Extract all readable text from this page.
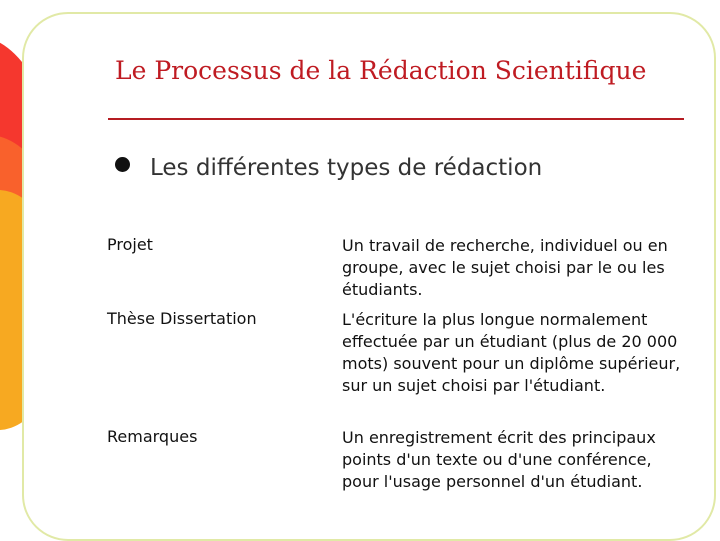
Le Processus de la Rédaction Scientifique
Les différentes types de rédaction
Projet	Un travail de recherche, individuel ou en groupe, avec le sujet choisi par le ou les étudiants.
Thèse Dissertation	L'écriture la plus longue normalement effectuée par un étudiant (plus de 20 000 mots) souvent pour un diplôme supérieur, sur un sujet choisi par l'étudiant.
Remarques	Un enregistrement écrit des principaux points d'un texte ou d'une conférence, pour l'usage personnel d'un étudiant.
